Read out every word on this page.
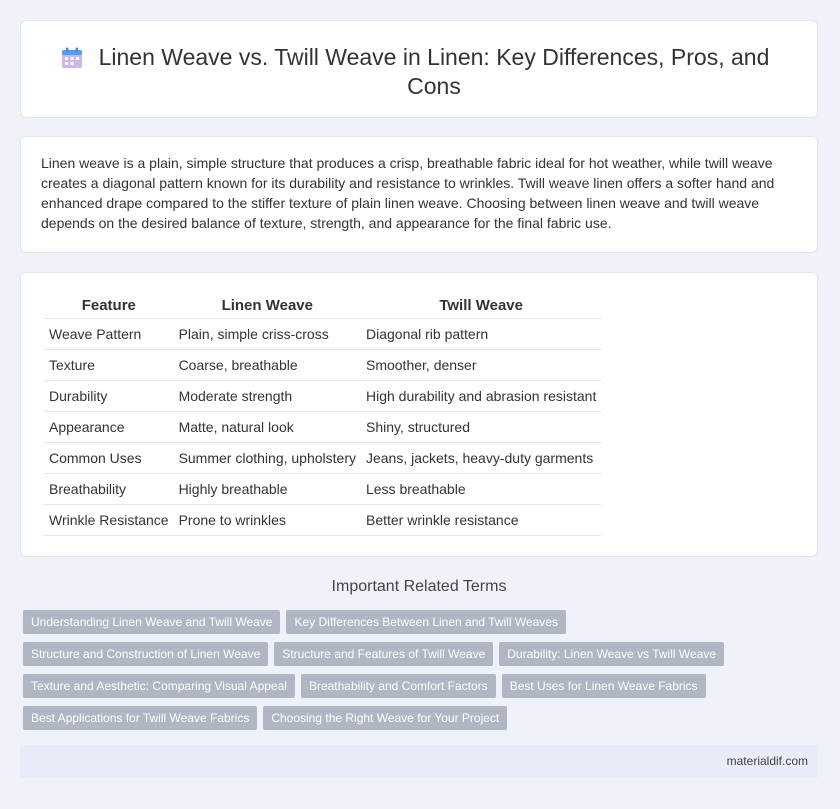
Linen Weave vs. Twill Weave in Linen: Key Differences, Pros, and Cons

Linen weave is a plain, simple structure that produces a crisp, breathable fabric ideal for hot weather, while twill weave creates a diagonal pattern known for its durability and resistance to wrinkles. Twill weave linen offers a softer hand and enhanced drape compared to the stiffer texture of plain linen weave. Choosing between linen weave and twill weave depends on the desired balance of texture, strength, and appearance for the final fabric use.

Feature	Linen Weave	Twill Weave
Weave Pattern	Plain, simple criss-cross	Diagonal rib pattern
Texture	Coarse, breathable	Smoother, denser
Durability	Moderate strength	High durability and abrasion resistant
Appearance	Matte, natural look	Shiny, structured
Common Uses	Summer clothing, upholstery	Jeans, jackets, heavy-duty garments
Breathability	Highly breathable	Less breathable
Wrinkle Resistance	Prone to wrinkles	Better wrinkle resistance
Important Related Terms
Understanding Linen Weave and Twill Weave	Key Differences Between Linen and Twill Weaves
Structure and Construction of Linen Weave	Structure and Features of Twill Weave	Durability: Linen Weave vs Twill Weave
Texture and Aesthetic: Comparing Visual Appeal	Breathability and Comfort Factors	Best Uses for Linen Weave Fabrics
Best Applications for Twill Weave Fabrics	Choosing the Right Weave for Your Project
materialdif.com
